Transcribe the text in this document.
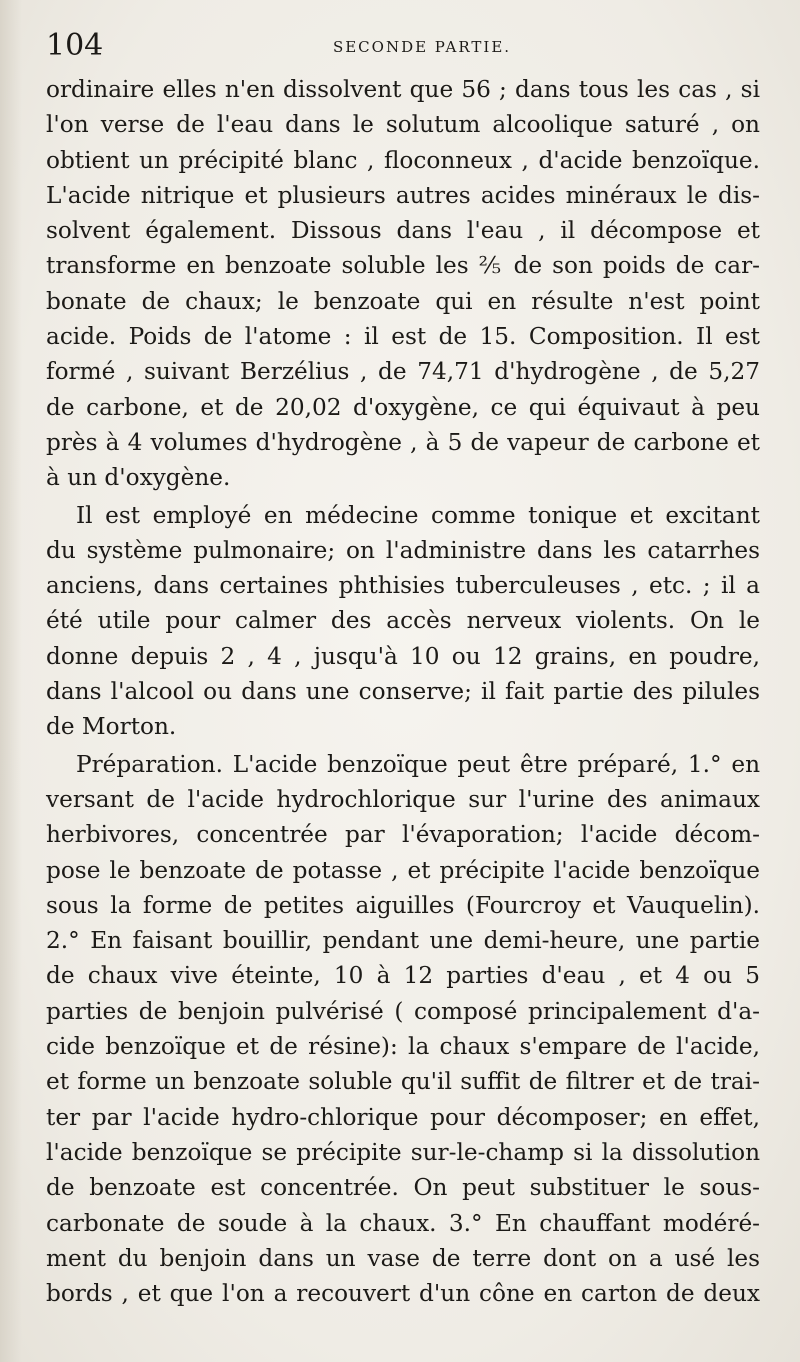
104	SECONDE PARTIE.
ordinaire elles n'en dissolvent que 56 ; dans tous les cas , si
l'on verse de l'eau dans le solutum alcoolique saturé , on
obtient un précipité blanc , floconneux , d'acide benzoïque.
L'acide nitrique et plusieurs autres acides minéraux le dis-
solvent également. Dissous dans l'eau , il décompose et
transforme en benzoate soluble les ⅖ de son poids de car-
bonate de chaux; le benzoate qui en résulte n'est point
acide. Poids de l'atome : il est de 15. Composition. Il est
formé , suivant Berzélius , de 74,71 d'hydrogène , de 5,27
de carbone, et de 20,02 d'oxygène, ce qui équivaut à peu
près à 4 volumes d'hydrogène , à 5 de vapeur de carbone et
à un d'oxygène.
Il est employé en médecine comme tonique et excitant
du système pulmonaire; on l'administre dans les catarrhes
anciens, dans certaines phthisies tuberculeuses , etc. ; il a
été utile pour calmer des accès nerveux violents. On le
donne depuis 2 , 4 , jusqu'à 10 ou 12 grains, en poudre,
dans l'alcool ou dans une conserve; il fait partie des pilules
de Morton.
Préparation. L'acide benzoïque peut être préparé, 1.° en
versant de l'acide hydrochlorique sur l'urine des animaux
herbivores, concentrée par l'évaporation; l'acide décom-
pose le benzoate de potasse , et précipite l'acide benzoïque
sous la forme de petites aiguilles (Fourcroy et Vauquelin).
2.° En faisant bouillir, pendant une demi-heure, une partie
de chaux vive éteinte, 10 à 12 parties d'eau , et 4 ou 5
parties de benjoin pulvérisé ( composé principalement d'a-
cide benzoïque et de résine): la chaux s'empare de l'acide,
et forme un benzoate soluble qu'il suffit de filtrer et de trai-
ter par l'acide hydro-chlorique pour décomposer; en effet,
l'acide benzoïque se précipite sur-le-champ si la dissolution
de benzoate est concentrée. On peut substituer le sous-
carbonate de soude à la chaux. 3.° En chauffant modéré-
ment du benjoin dans un vase de terre dont on a usé les
bords , et que l'on a recouvert d'un cône en carton de deux
